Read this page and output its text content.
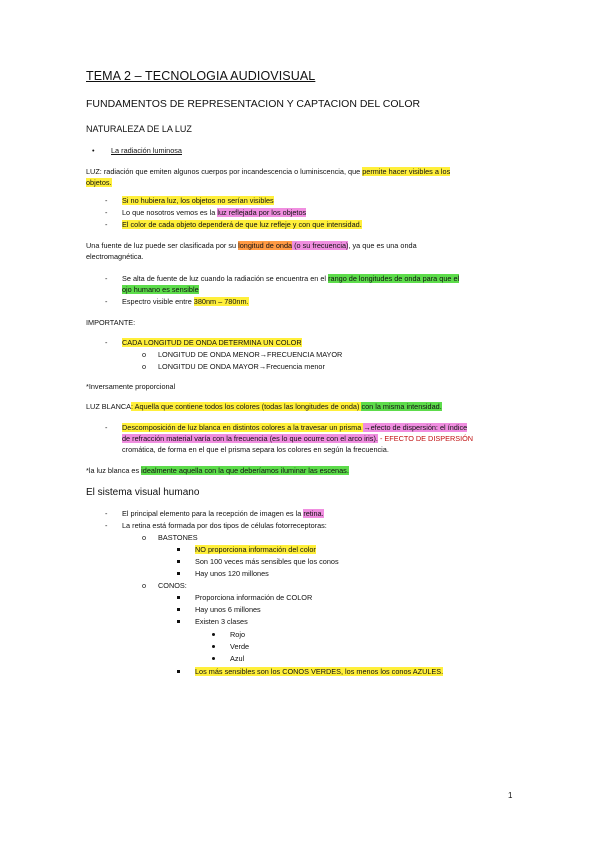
TEMA 2 – TECNOLOGIA AUDIOVISUAL
FUNDAMENTOS DE REPRESENTACION Y CAPTACION DEL COLOR
NATURALEZA DE LA LUZ
• La radiación luminosa
LUZ: radiación que emiten algunos cuerpos por incandescencia o luminiscencia, que permite hacer visibles a los
objetos.
- Si no hubiera luz, los objetos no serían visibles
- Lo que nosotros vemos es la luz reflejada por los objetos
- El color de cada objeto dependerá de que luz refleje y con que intensidad.
Una fuente de luz puede ser clasificada por su longitud de onda (o su frecuencia), ya que es una onda
electromagnética.
- Se alta de fuente de luz cuando la radiación se encuentra en el rango de longitudes de onda para que el
ojo humano es sensible
- Espectro visible entre 380nm – 780nm.
IMPORTANTE:
- CADA LONGITUD DE ONDA DETERMINA UN COLOR
o LONGITUD DE ONDA MENOR→FRECUENCIA MAYOR
o LONGITDU DE ONDA MAYOR→Frecuencia menor
*Inversamente proporcional
LUZ BLANCA: Aquella que contiene todos los colores (todas las longitudes de onda) con la misma intensidad.
- Descomposición de luz blanca en distintos colores a la travesar un prisma →efecto de dispersión: el índice
de refracción material varía con la frecuencia (es lo que ocurre con el arco iris). - EFECTO DE DISPERSIÓN
cromática, de forma en el que el prisma separa los colores en según la frecuencia.
*la luz blanca es idealmente aquella con la que deberíamos iluminar las escenas.
El sistema visual humano
- El principal elemento para la recepción de imagen es la retina.
- La retina está formada por dos tipos de células fotorreceptoras:
o BASTONES
NO proporciona información del color
Son 100 veces más sensibles que los conos
Hay unos 120 millones
o CONOS:
Proporciona información de COLOR
Hay unos 6 millones
Existen 3 clases
Rojo
Verde
Azul
Los más sensibles son los CONOS VERDES, los menos los conos AZULES.
1
